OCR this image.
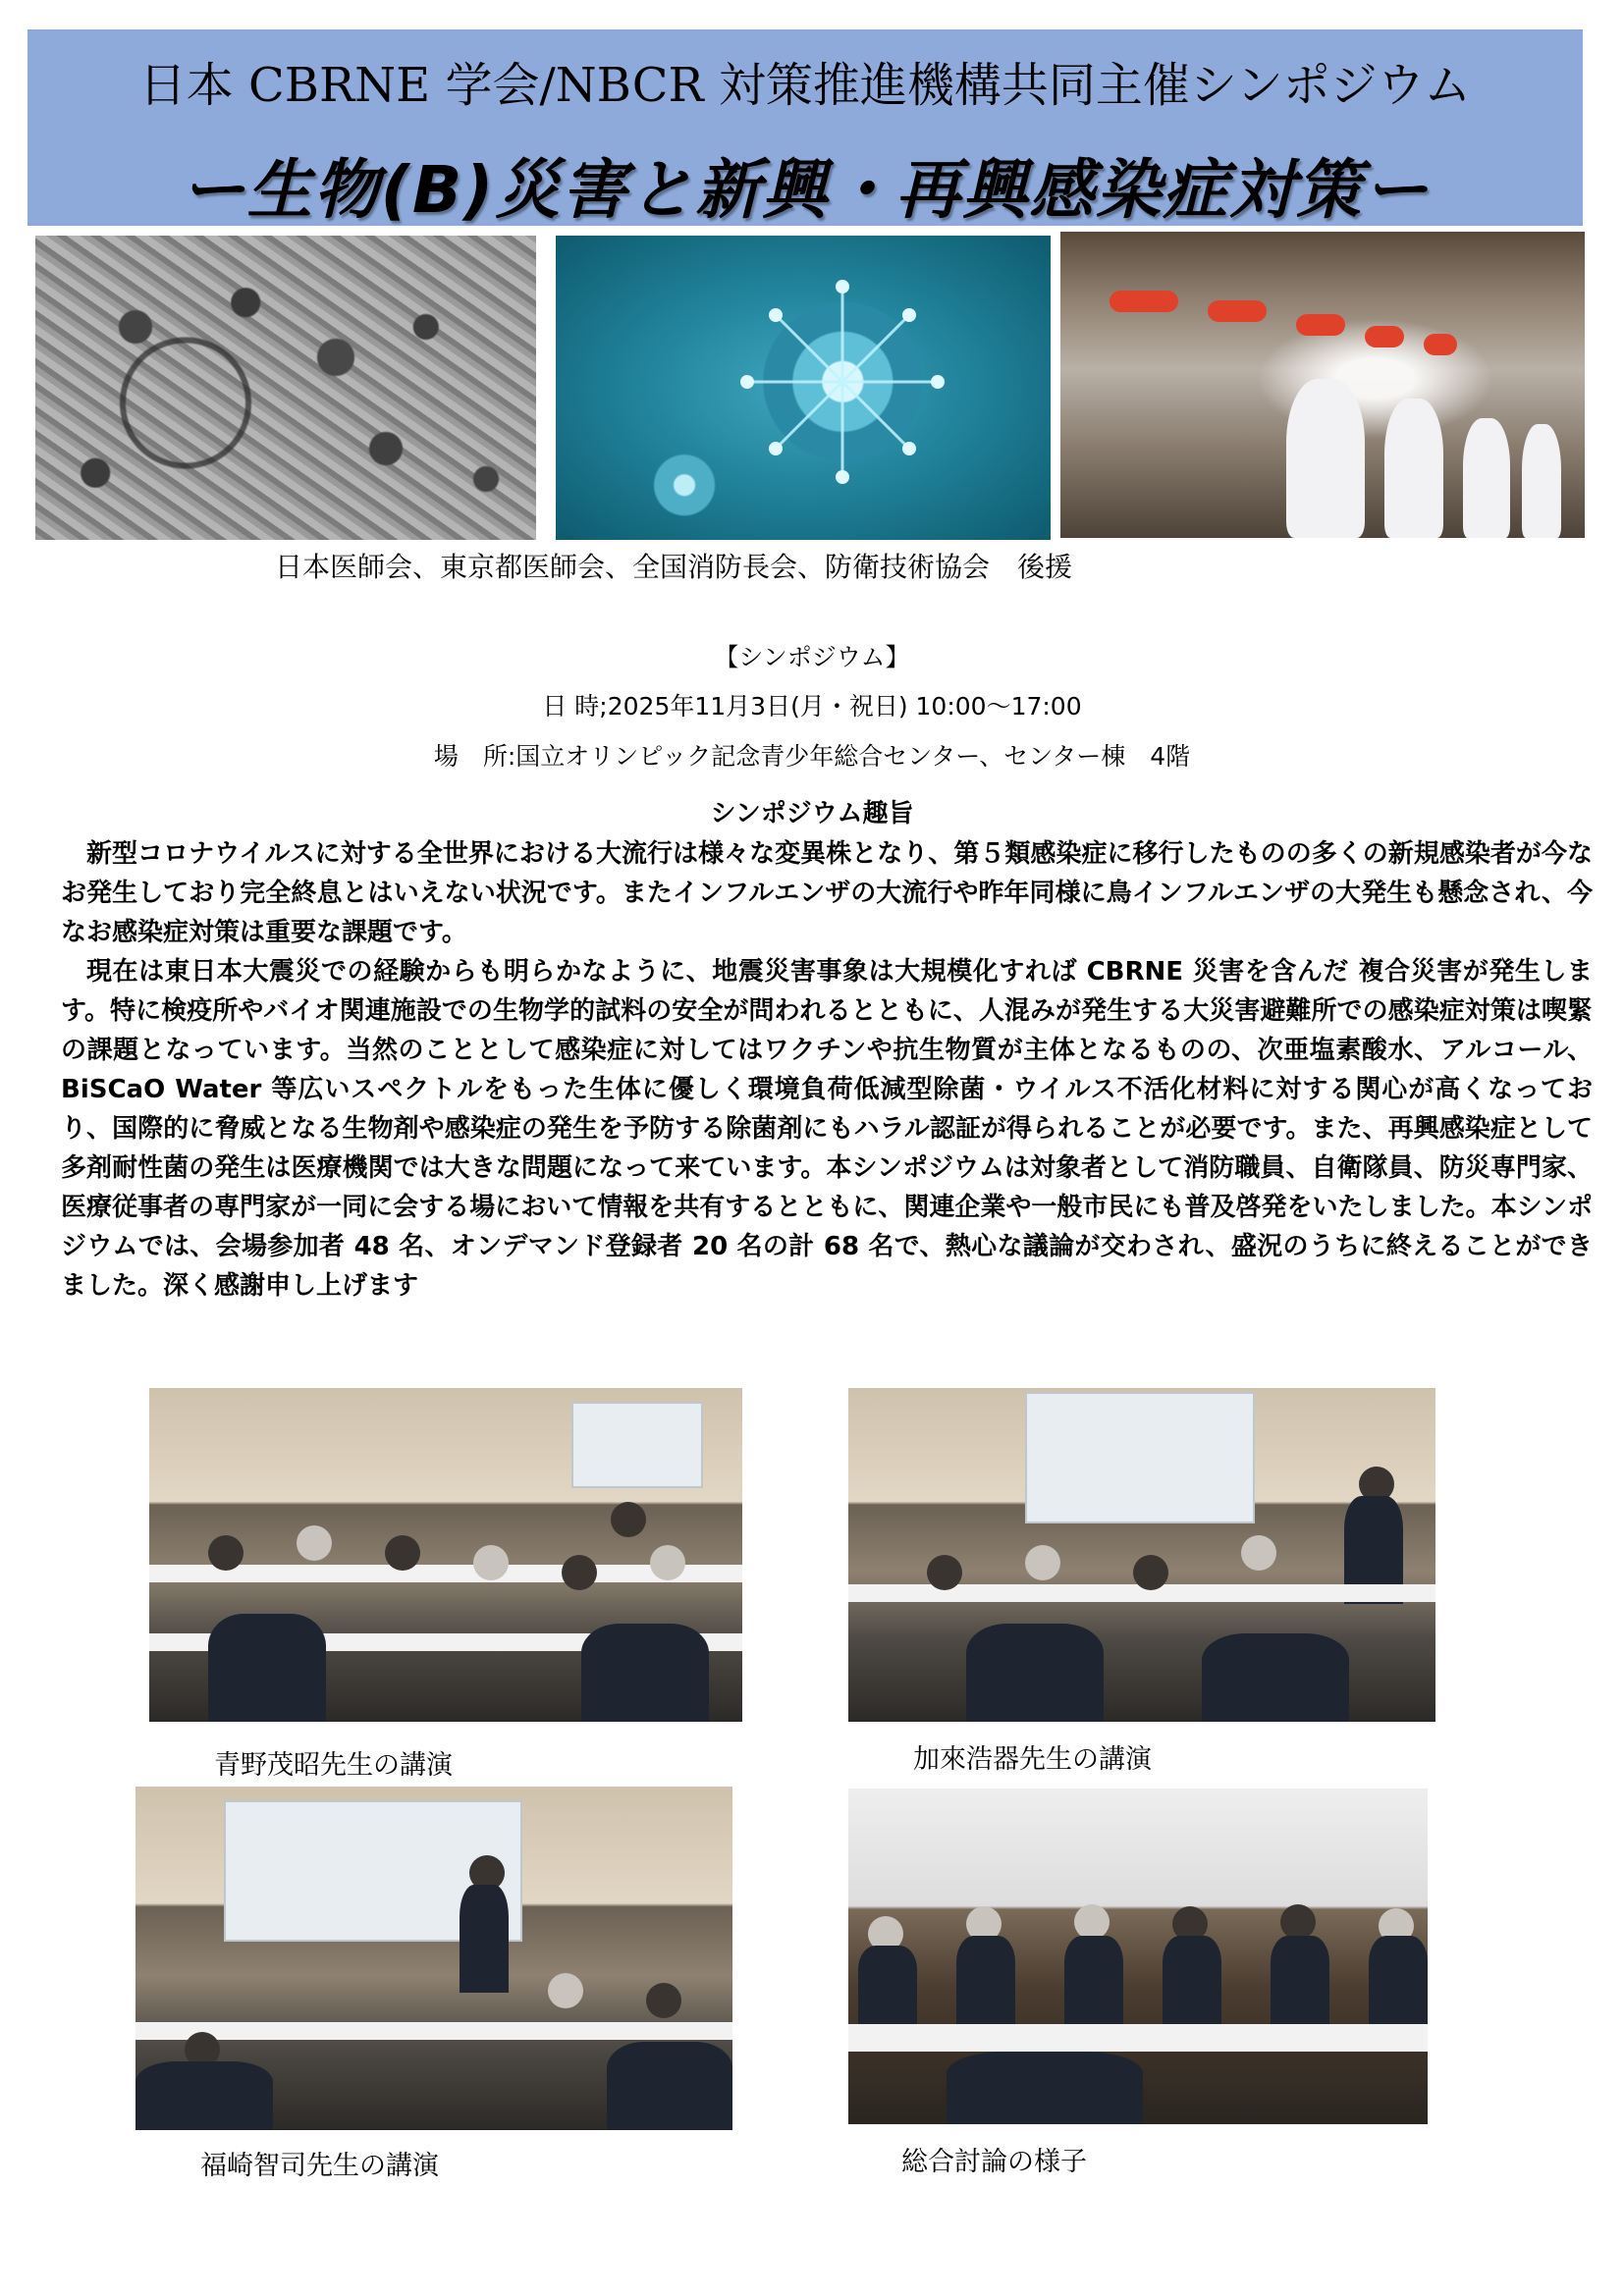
日本 CBRNE 学会/NBCR 対策推進機構共同主催シンポジウム
ー生物(B)災害と新興・再興感染症対策ー
日本医師会、東京都医師会、全国消防長会、防衛技術協会　後援
【シンポジウム】
日 時;2025年11月3日(月・祝日) 10:00～17:00
場　所:国立オリンピック記念青少年総合センター、センター棟　4階
シンポジウム趣旨

新型コロナウイルスに対する全世界における大流行は様々な変異株となり、第５類感染症に移行したものの多くの新規感染者が今なお発生しており完全終息とはいえない状況です。またインフルエンザの大流行や昨年同様に鳥インフルエンザの大発生も懸念され、今なお感染症対策は重要な課題です。

現在は東日本大震災での経験からも明らかなように、地震災害事象は大規模化すれば CBRNE 災害を含んだ 複合災害が発生します。特に検疫所やバイオ関連施設での生物学的試料の安全が問われるとともに、人混みが発生する大災害避難所での感染症対策は喫緊の課題となっています。当然のこととして感染症に対してはワクチンや抗生物質が主体となるものの、次亜塩素酸水、アルコール、BiSCaO Water 等広いスペクトルをもった生体に優しく環境負荷低減型除菌・ウイルス不活化材料に対する関心が高くなっており、国際的に脅威となる生物剤や感染症の発生を予防する除菌剤にもハラル認証が得られることが必要です。また、再興感染症として多剤耐性菌の発生は医療機関では大きな問題になって来ています。本シンポジウムは対象者として消防職員、自衛隊員、防災専門家、医療従事者の専門家が一同に会する場において情報を共有するとともに、関連企業や一般市民にも普及啓発をいたしました。本シンポジウムでは、会場参加者 48 名、オンデマンド登録者 20 名の計 68 名で、熱心な議論が交わされ、盛況のうちに終えることができました。深く感謝申し上げます

青野茂昭先生の講演	加來浩器先生の講演
福崎智司先生の講演	総合討論の様子
